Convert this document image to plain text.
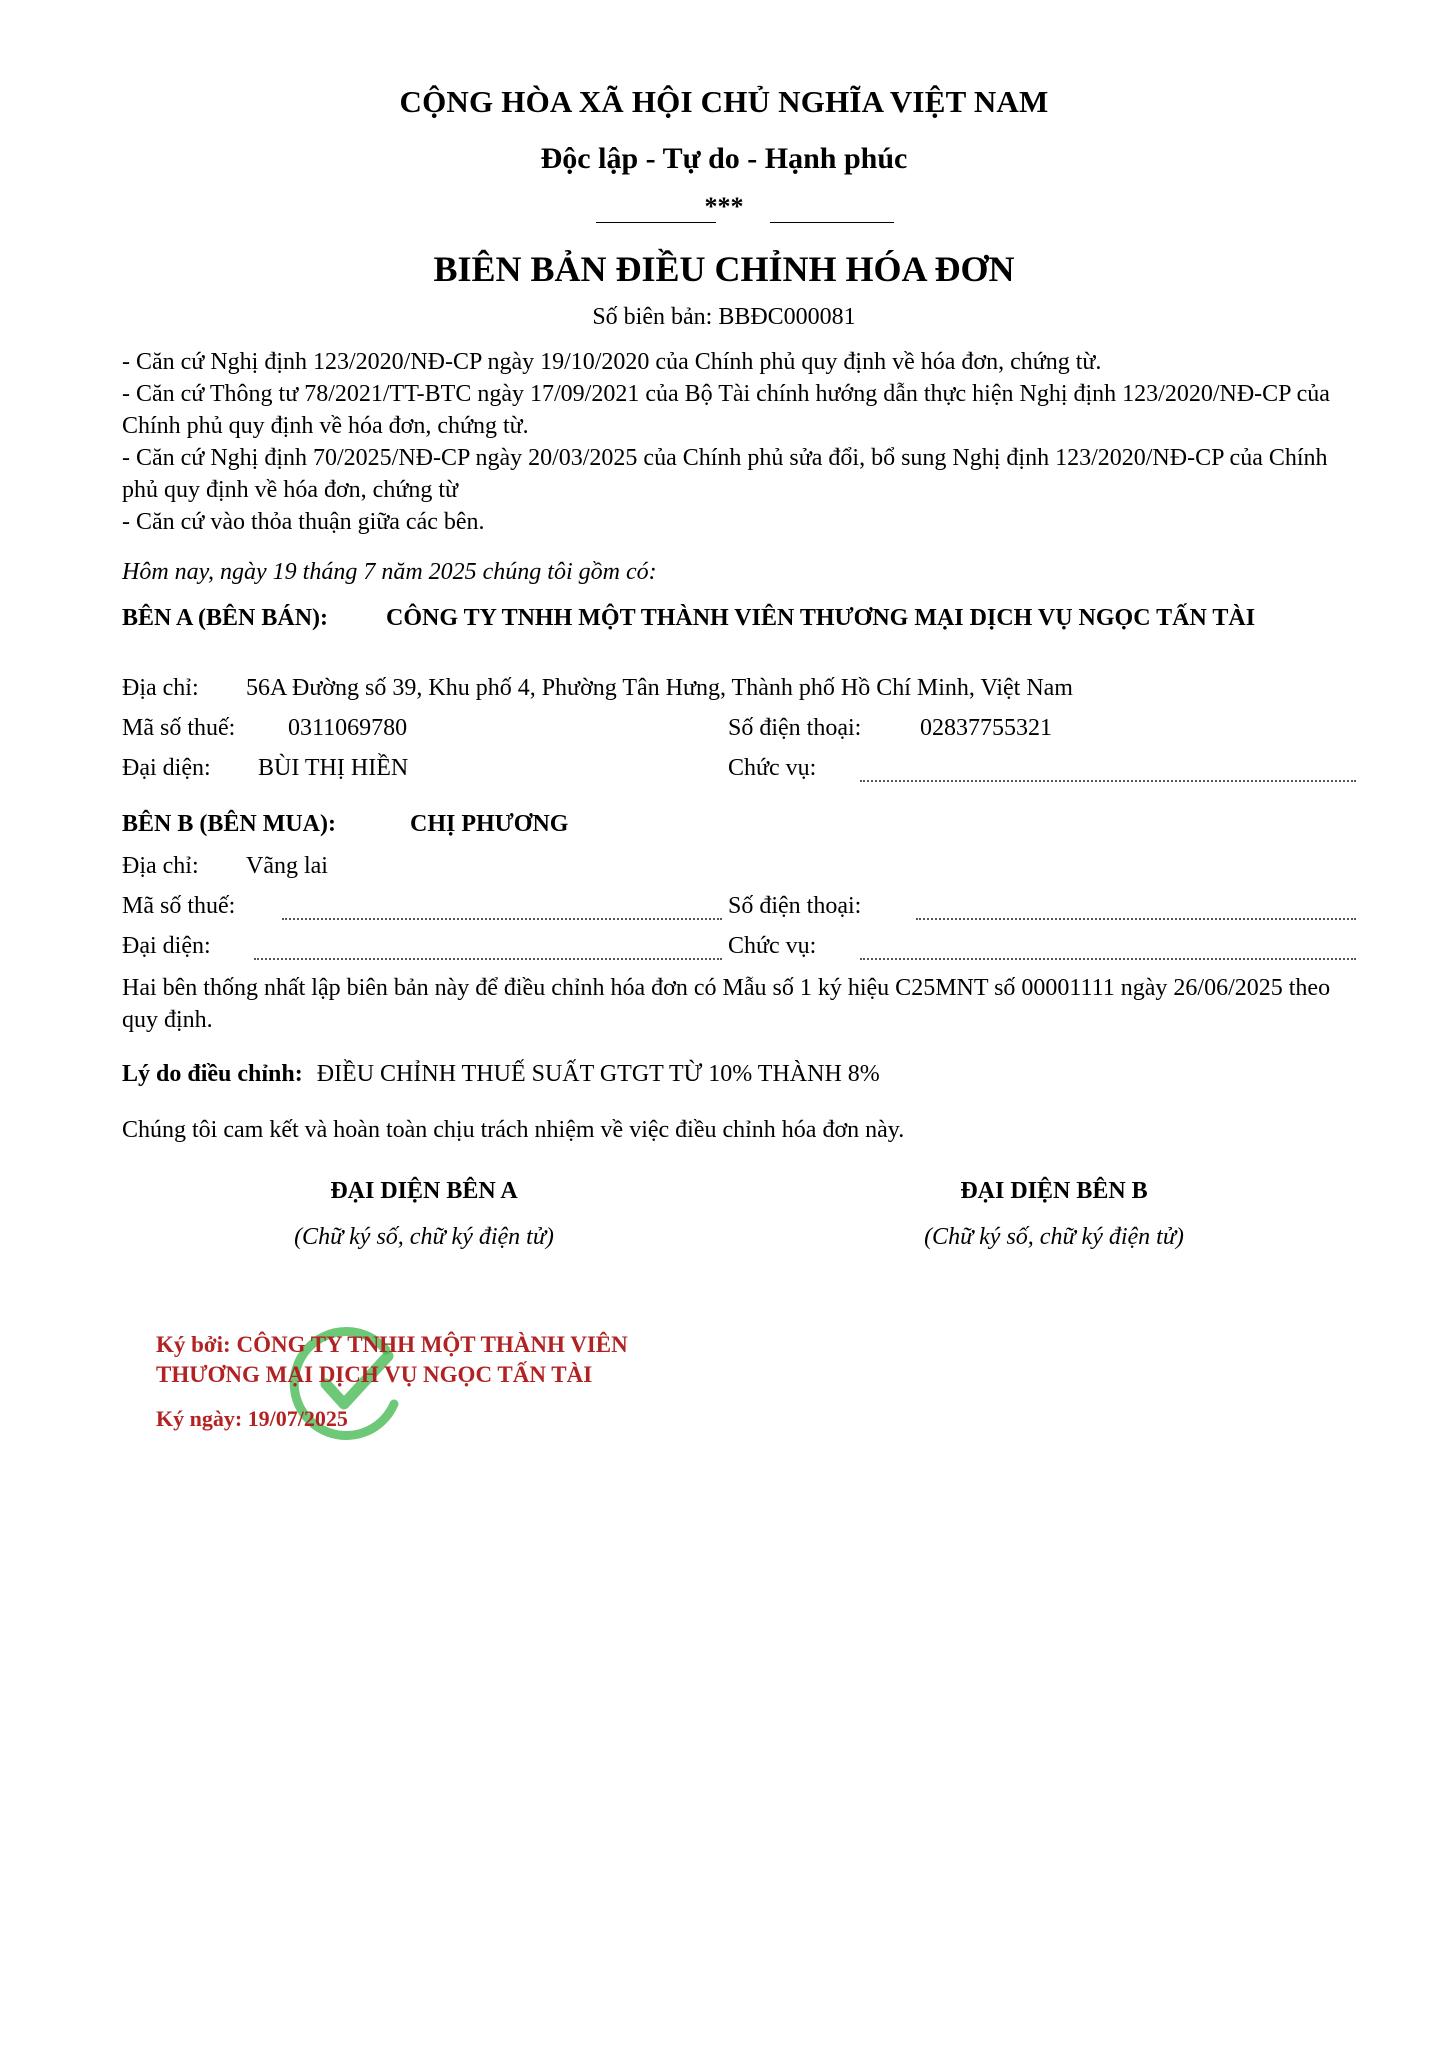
CỘNG HÒA XÃ HỘI CHỦ NGHĨA VIỆT NAM
Độc lập - Tự do - Hạnh phúc
***
BIÊN BẢN ĐIỀU CHỈNH HÓA ĐƠN
Số biên bản: BBĐC000081

- Căn cứ Nghị định 123/2020/NĐ-CP ngày 19/10/2020 của Chính phủ quy định về hóa đơn, chứng từ.

- Căn cứ Thông tư 78/2021/TT-BTC ngày 17/09/2021 của Bộ Tài chính hướng dẫn thực hiện Nghị định 123/2020/NĐ-CP của Chính phủ quy định về hóa đơn, chứng từ.

- Căn cứ Nghị định 70/2025/NĐ-CP ngày 20/03/2025 của Chính phủ sửa đổi, bổ sung Nghị định 123/2020/NĐ-CP của Chính phủ quy định về hóa đơn, chứng từ

- Căn cứ vào thỏa thuận giữa các bên.

Hôm nay, ngày 19 tháng 7 năm 2025 chúng tôi gồm có:
BÊN A (BÊN BÁN): CÔNG TY TNHH MỘT THÀNH VIÊN THƯƠNG MẠI DỊCH VỤ NGỌC TẤN TÀI
Địa chỉ: 56A Đường số 39, Khu phố 4, Phường Tân Hưng, Thành phố Hồ Chí Minh, Việt Nam
Mã số thuế: 0311069780	Số điện thoại: 02837755321
Đại diện: BÙI THỊ HIỀN	Chức vụ:
BÊN B (BÊN MUA):	CHỊ PHƯƠNG
Địa chỉ: Vãng lai
Mã số thuế:	Số điện thoại:
Đại diện:	Chức vụ:
Hai bên thống nhất lập biên bản này để điều chỉnh hóa đơn có Mẫu số 1 ký hiệu C25MNT số 00001111 ngày 26/06/2025 theo quy định.
Lý do điều chỉnh: ĐIỀU CHỈNH THUẾ SUẤT GTGT TỪ 10% THÀNH 8%
Chúng tôi cam kết và hoàn toàn chịu trách nhiệm về việc điều chỉnh hóa đơn này.
ĐẠI DIỆN BÊN A
(Chữ ký số, chữ ký điện tử)
ĐẠI DIỆN BÊN B
(Chữ ký số, chữ ký điện tử)
Ký bởi: CÔNG TY TNHH MỘT THÀNH VIÊN THƯƠNG MẠI DỊCH VỤ NGỌC TẤN TÀI
Ký ngày: 19/07/2025
